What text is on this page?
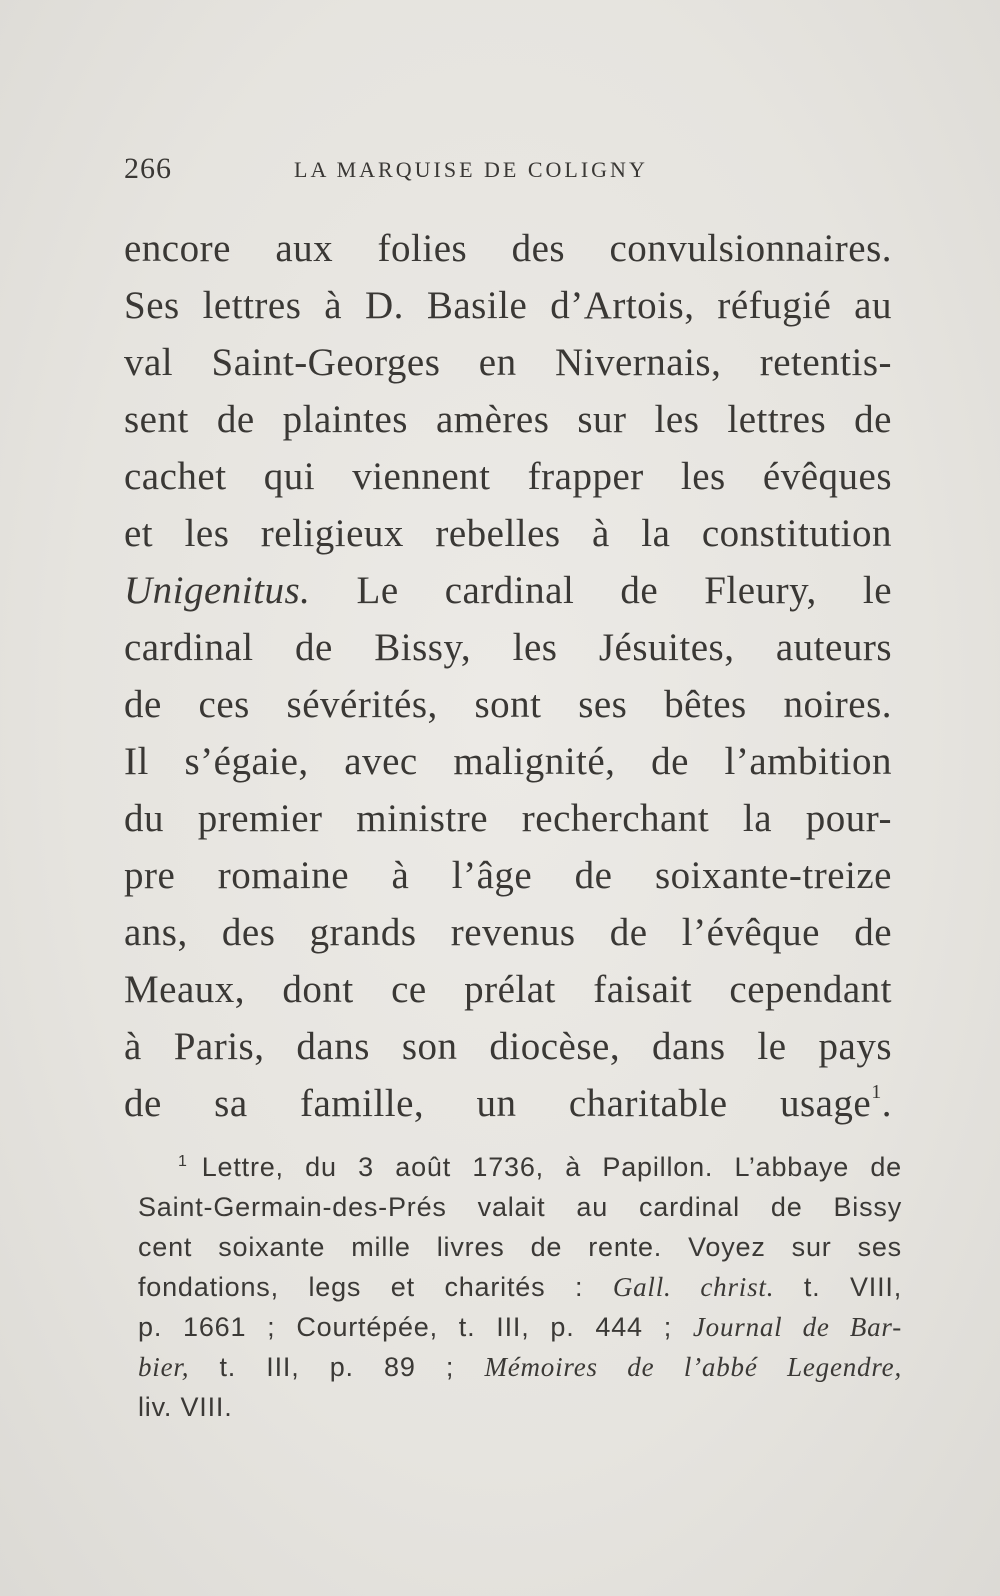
266	LA MARQUISE DE COLIGNY
encore aux folies des convulsionnaires.
Ses lettres à D. Basile d’Artois, réfugié au
val Saint-Georges en Nivernais, retentis-
sent de plaintes amères sur les lettres de
cachet qui viennent frapper les évêques
et les religieux rebelles à la constitution
Unigenitus. Le cardinal de Fleury, le
cardinal de Bissy, les Jésuites, auteurs
de ces sévérités, sont ses bêtes noires.
Il s’égaie, avec malignité, de l’ambition
du premier ministre recherchant la pour-
pre romaine à l’âge de soixante-treize
ans, des grands revenus de l’évêque de
Meaux, dont ce prélat faisait cependant
à Paris, dans son diocèse, dans le pays
de sa famille, un charitable usage$^1$.
$^1$ Lettre, du 3 août 1736, à Papillon. L’abbaye de
Saint-Germain-des-Prés valait au cardinal de Bissy
cent soixante mille livres de rente. Voyez sur ses
fondations, legs et charités : Gall. christ. t. VIII,
p. 1661 ; Courtépée, t. III, p. 444 ; Journal de Bar-
bier, t. III, p. 89 ; Mémoires de l’abbé Legendre,
liv. VIII.
